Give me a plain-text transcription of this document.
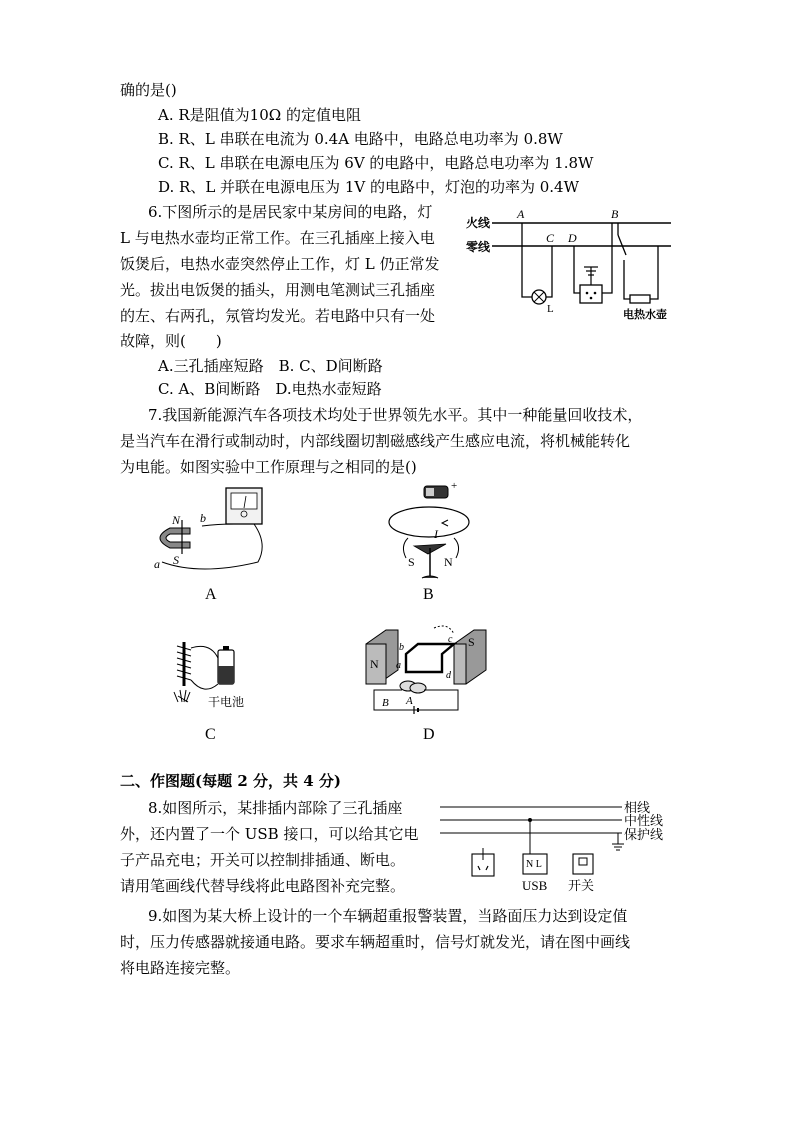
确的是()
A. R是阻值为10Ω 的定值电阻
B. R、L 串联在电流为 0.4A 电路中，电路总电功率为 0.8W
C. R、L 串联在电源电压为 6V 的电路中，电路总电功率为 1.8W
D. R、L 并联在电源电压为 1V 的电路中，灯泡的功率为 0.4W
6.下图所示的是居民家中某房间的电路，灯
L 与电热水壶均正常工作。在三孔插座上接入电
饭煲后，电热水壶突然停止工作，灯 L 仍正常发
光。拔出电饭煲的插头，用测电笔测试三孔插座
的左、右两孔，氖管均发光。若电路中只有一处
故障，则(　　)
A.三孔插座短路　B. C、D间断路
C. A、B间断路　D.电热水壶短路
7.我国新能源汽车各项技术均处于世界领先水平。其中一种能量回收技术，
是当汽车在滑行或制动时，内部线圈切割磁感线产生感应电流，将机械能转化
为电能。如图实验中工作原理与之相同的是()
二、作图题(每题 2 分，共 4 分)
8.如图所示，某排插内部除了三孔插座
外，还内置了一个 USB 接口，可以给其它电
子产品充电；开关可以控制排插通、断电。
请用笔画线代替导线将此电路图补充完整。
9.如图为某大桥上设计的一个车辆超重报警装置，当路面压力达到设定值
时，压力传感器就接通电路。要求车辆超重时，信号灯就发光，请在图中画线
将电路连接完整。
火线
零线
A	B
C D
L	电热水壶
N
S
b
a
A
+
I
S N
B
干电池
C
N
S
b
a
c
d
B A
D
相线
中性线
保护线
N L
USB 开关
